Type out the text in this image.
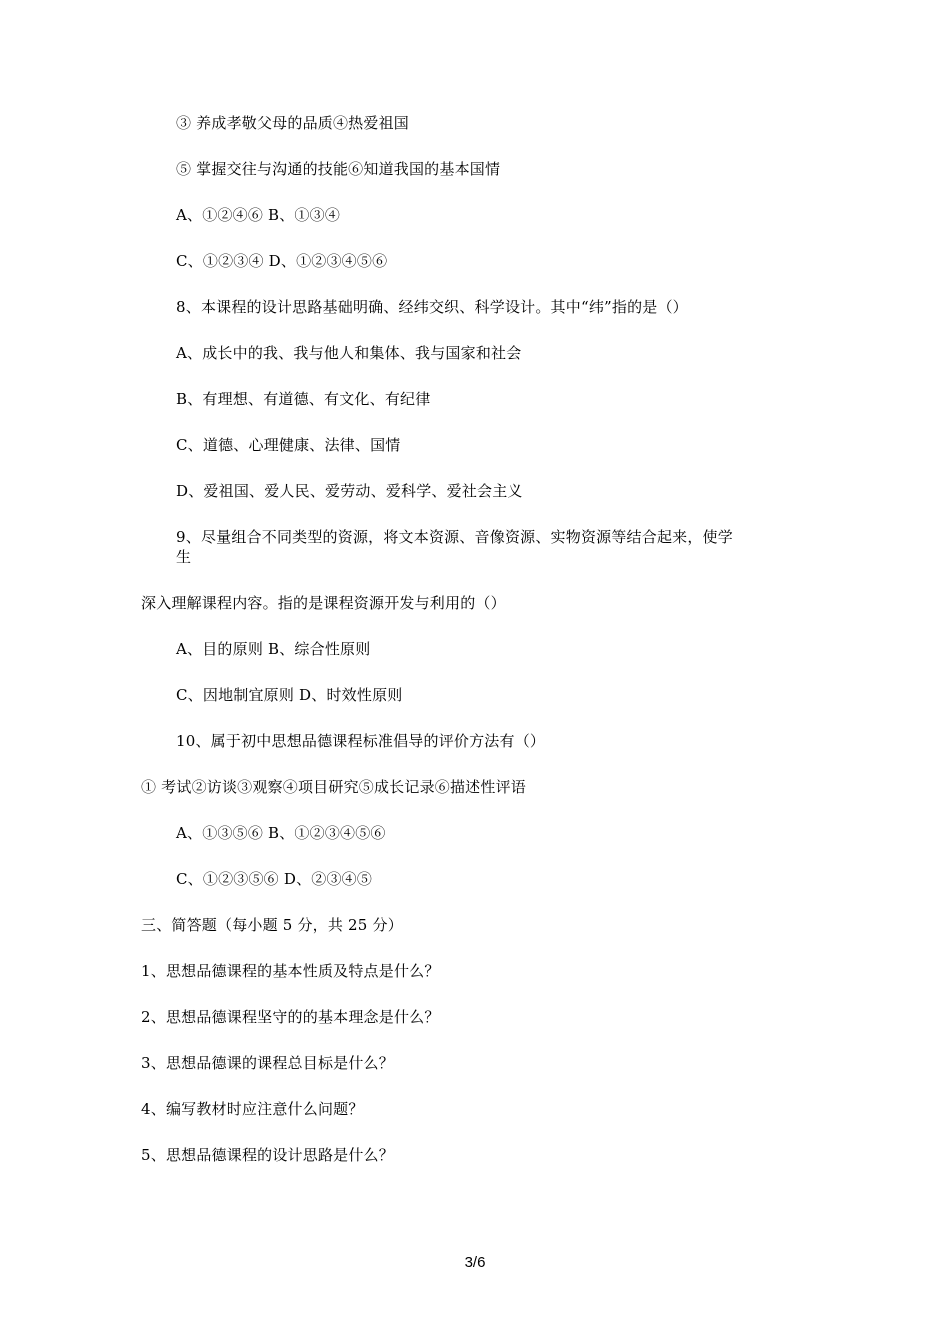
③ 养成孝敬父母的品质④热爱祖国
⑤ 掌握交往与沟通的技能⑥知道我国的基本国情
A、①②④⑥ B、①③④
C、①②③④ D、①②③④⑤⑥
8、本课程的设计思路基础明确、经纬交织、科学设计。其中“纬”指的是（）
A、成长中的我、我与他人和集体、我与国家和社会
B、有理想、有道德、有文化、有纪律
C、道德、心理健康、法律、国情
D、爱祖国、爱人民、爱劳动、爱科学、爱社会主义
9、尽量组合不同类型的资源，将文本资源、音像资源、实物资源等结合起来，使学
生
深入理解课程内容。指的是课程资源开发与利用的（）
A、目的原则 B、综合性原则
C、因地制宜原则 D、时效性原则
10、属于初中思想品德课程标准倡导的评价方法有（）
① 考试②访谈③观察④项目研究⑤成长记录⑥描述性评语
A、①③⑤⑥ B、①②③④⑤⑥
C、①②③⑤⑥ D、②③④⑤
三、简答题（每小题 5 分，共 25 分）
1、思想品德课程的基本性质及特点是什么？
2、思想品德课程坚守的的基本理念是什么？
3、思想品德课的课程总目标是什么？
4、编写教材时应注意什么问题？
5、思想品德课程的设计思路是什么？
3/6
